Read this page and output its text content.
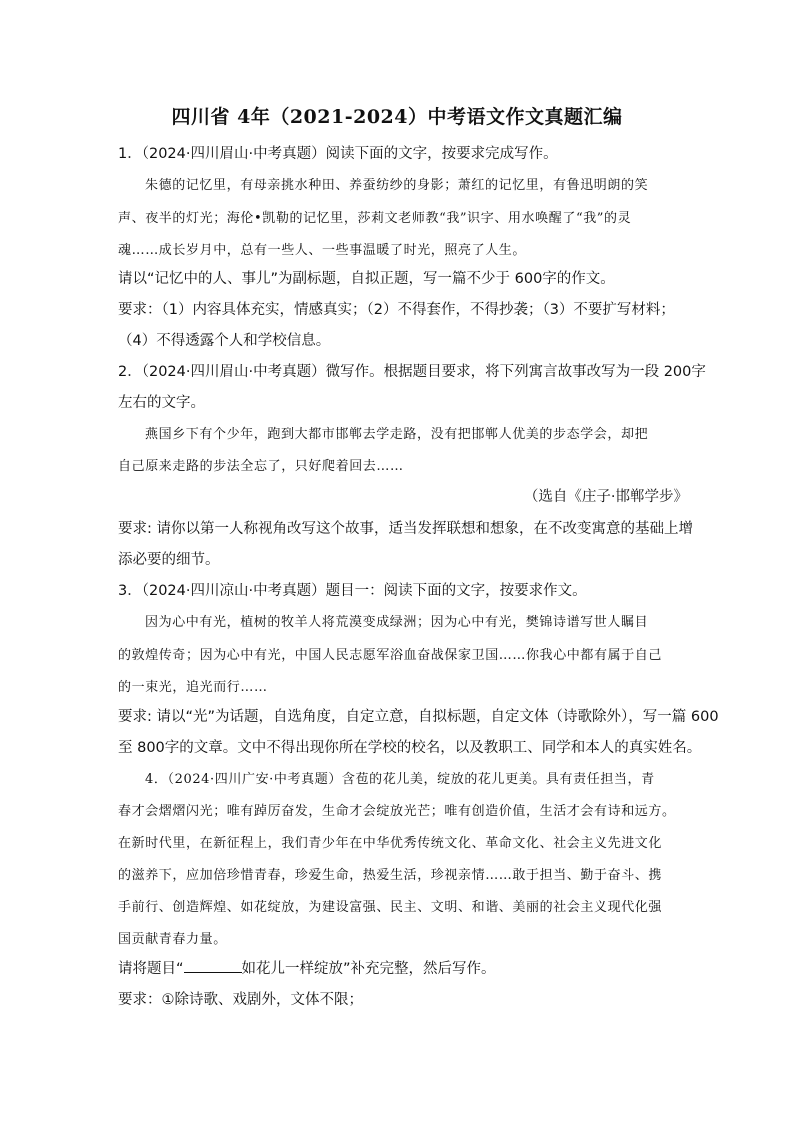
四川省 4年（2021-2024）中考语文作文真题汇编
1．（2024·四川眉山·中考真题）阅读下面的文字，按要求完成写作。
朱德的记忆里，有母亲挑水种田、养蚕纺纱的身影；萧红的记忆里，有鲁迅明朗的笑
声、夜半的灯光；海伦•凯勒的记忆里，莎莉文老师教“我”识字、用水唤醒了“我”的灵
魂……成长岁月中，总有一些人、一些事温暖了时光，照亮了人生。
请以“记忆中的人、事儿”为副标题，自拟正题，写一篇不少于 600字的作文。
要求：（1）内容具体充实，情感真实；（2）不得套作，不得抄袭；（3）不要扩写材料；
（4）不得透露个人和学校信息。
2．（2024·四川眉山·中考真题）微写作。根据题目要求，将下列寓言故事改写为一段 200字
左右的文字。
燕国乡下有个少年，跑到大都市邯郸去学走路，没有把邯郸人优美的步态学会，却把
自己原来走路的步法全忘了，只好爬着回去……
（选自《庄子·邯郸学步》
要求: 请你以第一人称视角改写这个故事，适当发挥联想和想象，在不改变寓意的基础上增
添必要的细节。
3．（2024·四川凉山·中考真题）题目一：阅读下面的文字，按要求作文。
因为心中有光，植树的牧羊人将荒漠变成绿洲；因为心中有光，樊锦诗谱写世人瞩目
的敦煌传奇；因为心中有光，中国人民志愿军浴血奋战保家卫国……你我心中都有属于自己
的一束光，追光而行……
要求: 请以“光”为话题，自选角度，自定立意，自拟标题，自定文体（诗歌除外），写一篇 600
至 800字的文章。文中不得出现你所在学校的校名，以及教职工、同学和本人的真实姓名。
4．（2024·四川广安·中考真题）含苞的花儿美，绽放的花儿更美。具有责任担当，青
春才会熠熠闪光；唯有踔厉奋发，生命才会绽放光芒；唯有创造价值，生活才会有诗和远方。
在新时代里，在新征程上，我们青少年在中华优秀传统文化、革命文化、社会主义先进文化
的滋养下，应加倍珍惜青春，珍爱生命，热爱生活，珍视亲情……敢于担当、勤于奋斗、携
手前行、创造辉煌、如花绽放，为建设富强、民主、文明、和谐、美丽的社会主义现代化强
国贡献青春力量。
请将题目“	如花儿一样绽放”补充完整，然后写作。
要求：①除诗歌、戏剧外，文体不限；
